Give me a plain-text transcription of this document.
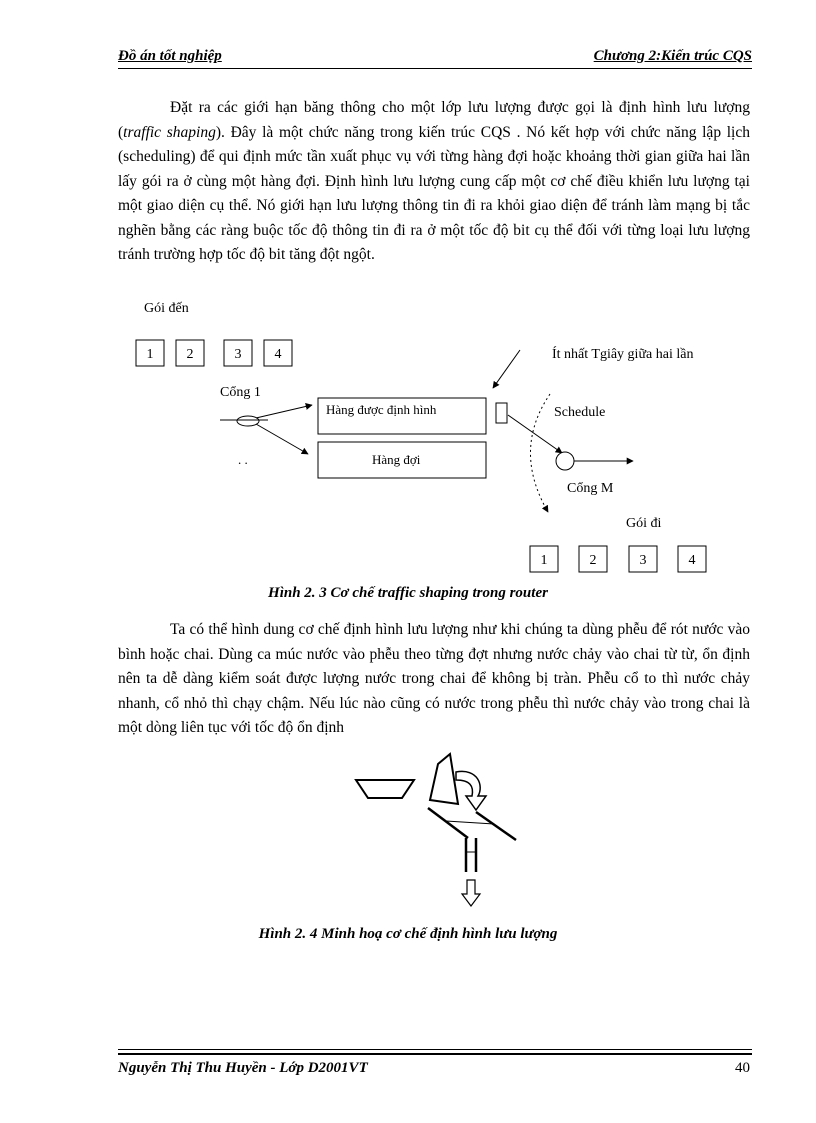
Đồ án tốt nghiệp	Chương 2:Kiến trúc CQS

Đặt ra các giới hạn băng thông cho một lớp lưu lượng được gọi là định hình lưu lượng (traffic shaping). Đây là một chức năng trong kiến trúc CQS . Nó kết hợp với chức năng lập lịch (scheduling) để qui định mức tần xuất phục vụ với từng hàng đợi hoặc khoảng thời gian giữa hai lần lấy gói ra ở cùng một hàng đợi. Định hình lưu lượng cung cấp một cơ chế điều khiển lưu lượng tại một giao diện cụ thể. Nó giới hạn lưu lượng thông tin đi ra khỏi giao diện để tránh làm mạng bị tắc nghẽn bằng các ràng buộc tốc độ thông tin đi ra ở một tốc độ bit cụ thể đối với từng loại lưu lượng tránh trường hợp tốc độ bit tăng đột ngột.

Gói đến
1 2	3 4
Cổng 1
. .
Hàng được định hình
Hàng đợi
Ít nhất Tgiây giữa hai lần
Schedule
Cổng M
Gói đi
1	2	3	4
Hình 2. 3 Cơ chế traffic shaping trong router

Ta có thể hình dung cơ chế định hình lưu lượng như khi chúng ta dùng phễu để rót nước vào bình hoặc chai. Dùng ca múc nước vào phễu theo từng đợt nhưng nước chảy vào chai từ từ, ổn định nên ta dễ dàng kiểm soát được lượng nước trong chai để không bị tràn. Phễu cổ to thì nước chảy nhanh, cổ nhỏ thì chạy chậm. Nếu lúc nào cũng có nước trong phễu thì nước chảy vào trong chai là một dòng liên tục với tốc độ ổn định

Hình 2. 4 Minh hoạ cơ chế định hình lưu lượng
Nguyễn Thị Thu Huyền - Lớp D2001VT	40
